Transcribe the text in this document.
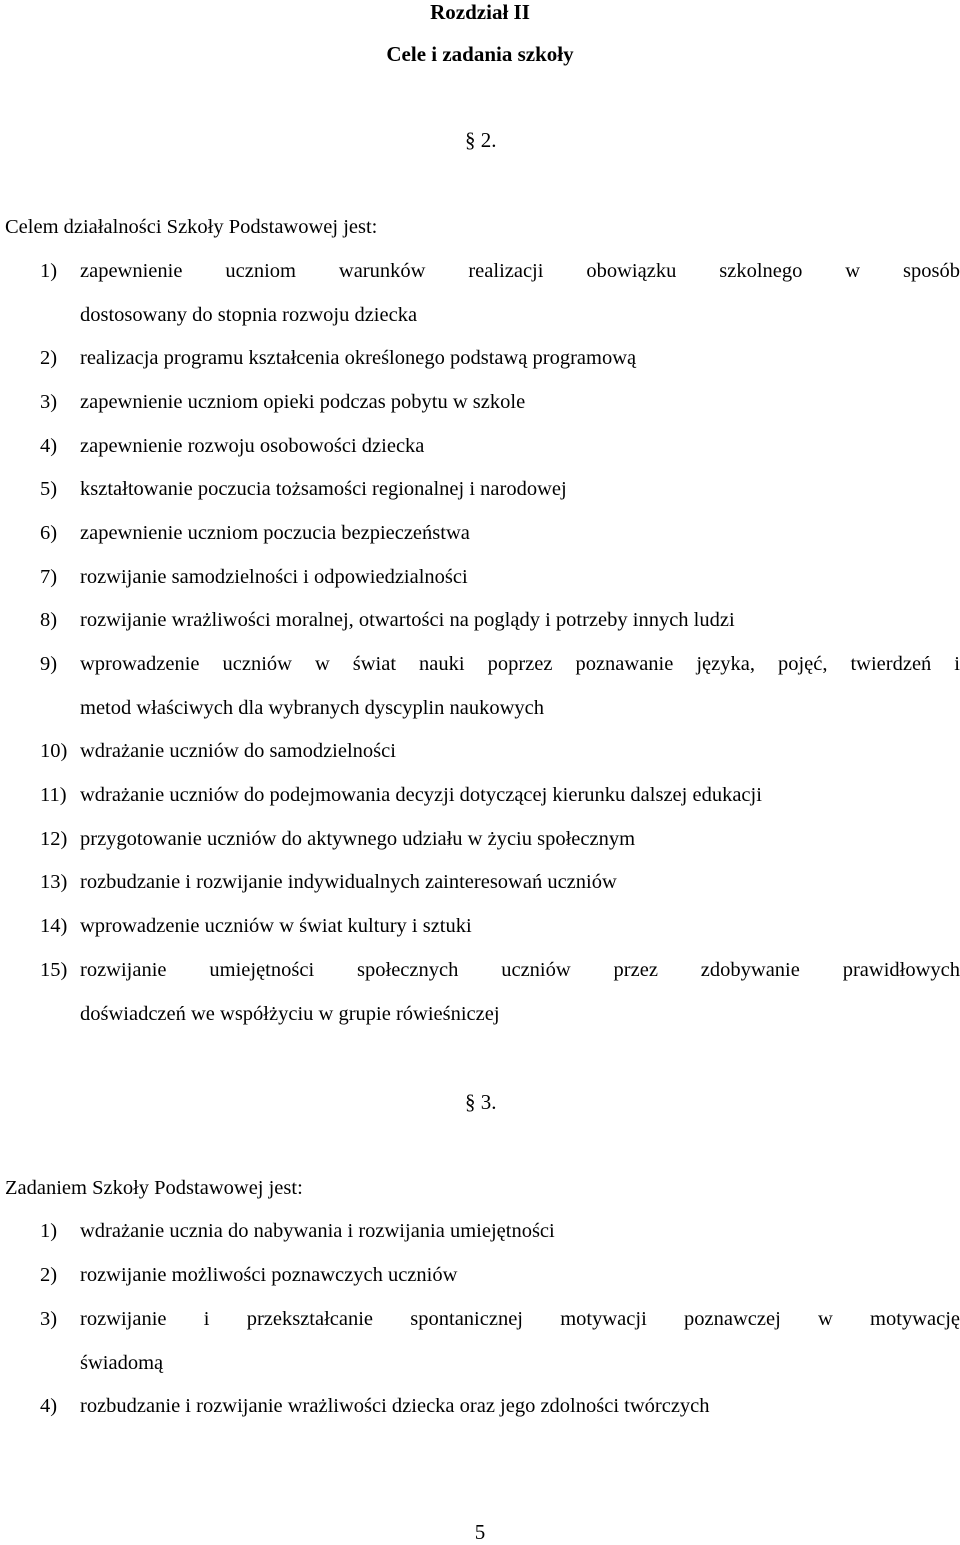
Rozdział II
Cele i zadania szkoły
§ 2.
Celem działalności Szkoły Podstawowej jest:
1) zapewnienie uczniom warunków realizacji obowiązku szkolnego w sposób
dostosowany do stopnia rozwoju dziecka
2) realizacja programu kształcenia określonego podstawą programową
3) zapewnienie uczniom opieki podczas pobytu w szkole
4) zapewnienie rozwoju osobowości dziecka
5) kształtowanie poczucia tożsamości regionalnej i narodowej
6) zapewnienie uczniom poczucia bezpieczeństwa
7) rozwijanie samodzielności i odpowiedzialności
8) rozwijanie wrażliwości moralnej, otwartości na poglądy i potrzeby innych ludzi
9) wprowadzenie uczniów w świat nauki poprzez poznawanie języka, pojęć, twierdzeń i
metod właściwych dla wybranych dyscyplin naukowych
10) wdrażanie uczniów do samodzielności
11) wdrażanie uczniów do podejmowania decyzji dotyczącej kierunku dalszej edukacji
12) przygotowanie uczniów do aktywnego udziału w życiu społecznym
13) rozbudzanie i rozwijanie indywidualnych zainteresowań uczniów
14) wprowadzenie uczniów w świat kultury i sztuki
15) rozwijanie umiejętności społecznych uczniów przez zdobywanie prawidłowych
doświadczeń we współżyciu w grupie rówieśniczej
§ 3.
Zadaniem Szkoły Podstawowej jest:
1) wdrażanie ucznia do nabywania i rozwijania umiejętności
2) rozwijanie możliwości poznawczych uczniów
3) rozwijanie i przekształcanie spontanicznej motywacji poznawczej w motywację
świadomą
4) rozbudzanie i rozwijanie wrażliwości dziecka oraz jego zdolności twórczych
5
